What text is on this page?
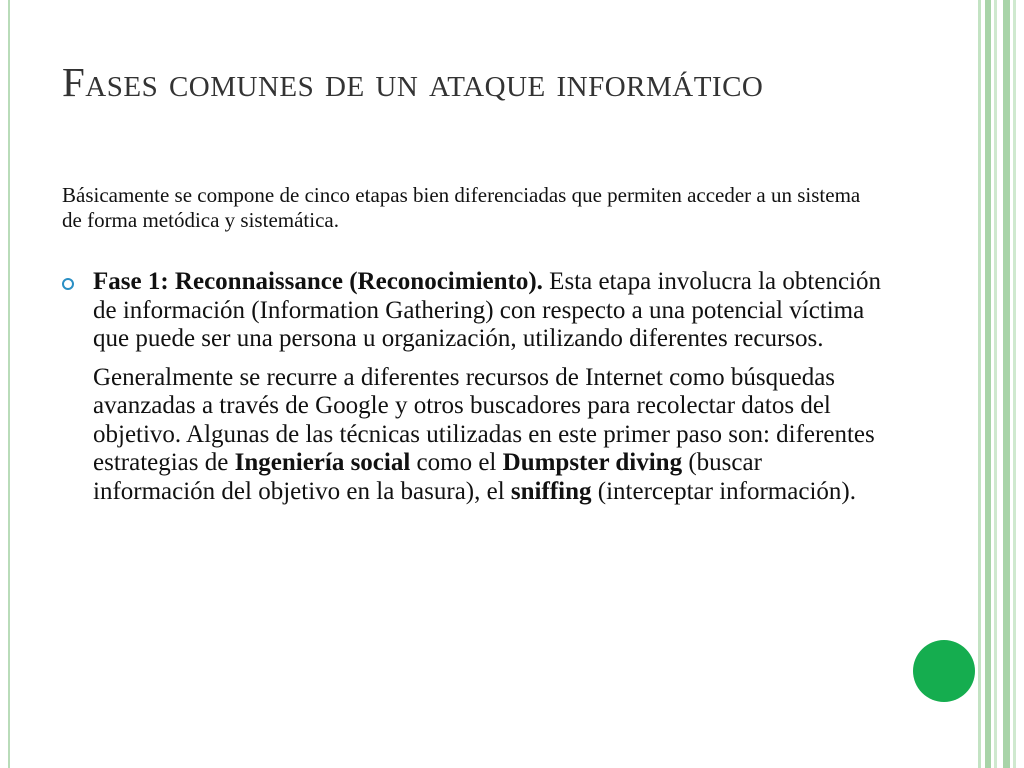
Fases comunes de un ataque informático

Básicamente se compone de cinco etapas bien diferenciadas que permiten acceder a un sistema de forma metódica y sistemática.

Fase 1: Reconnaissance (Reconocimiento). Esta etapa involucra la obtención de información (Information Gathering) con respecto a una potencial víctima que puede ser una persona u organización, utilizando diferentes recursos.

Generalmente se recurre a diferentes recursos de Internet como búsquedas avanzadas a través de Google y otros buscadores para recolectar datos del objetivo. Algunas de las técnicas utilizadas en este primer paso son: diferentes estrategias de Ingeniería social como el Dumpster diving (buscar información del objetivo en la basura), el sniffing (interceptar información).
